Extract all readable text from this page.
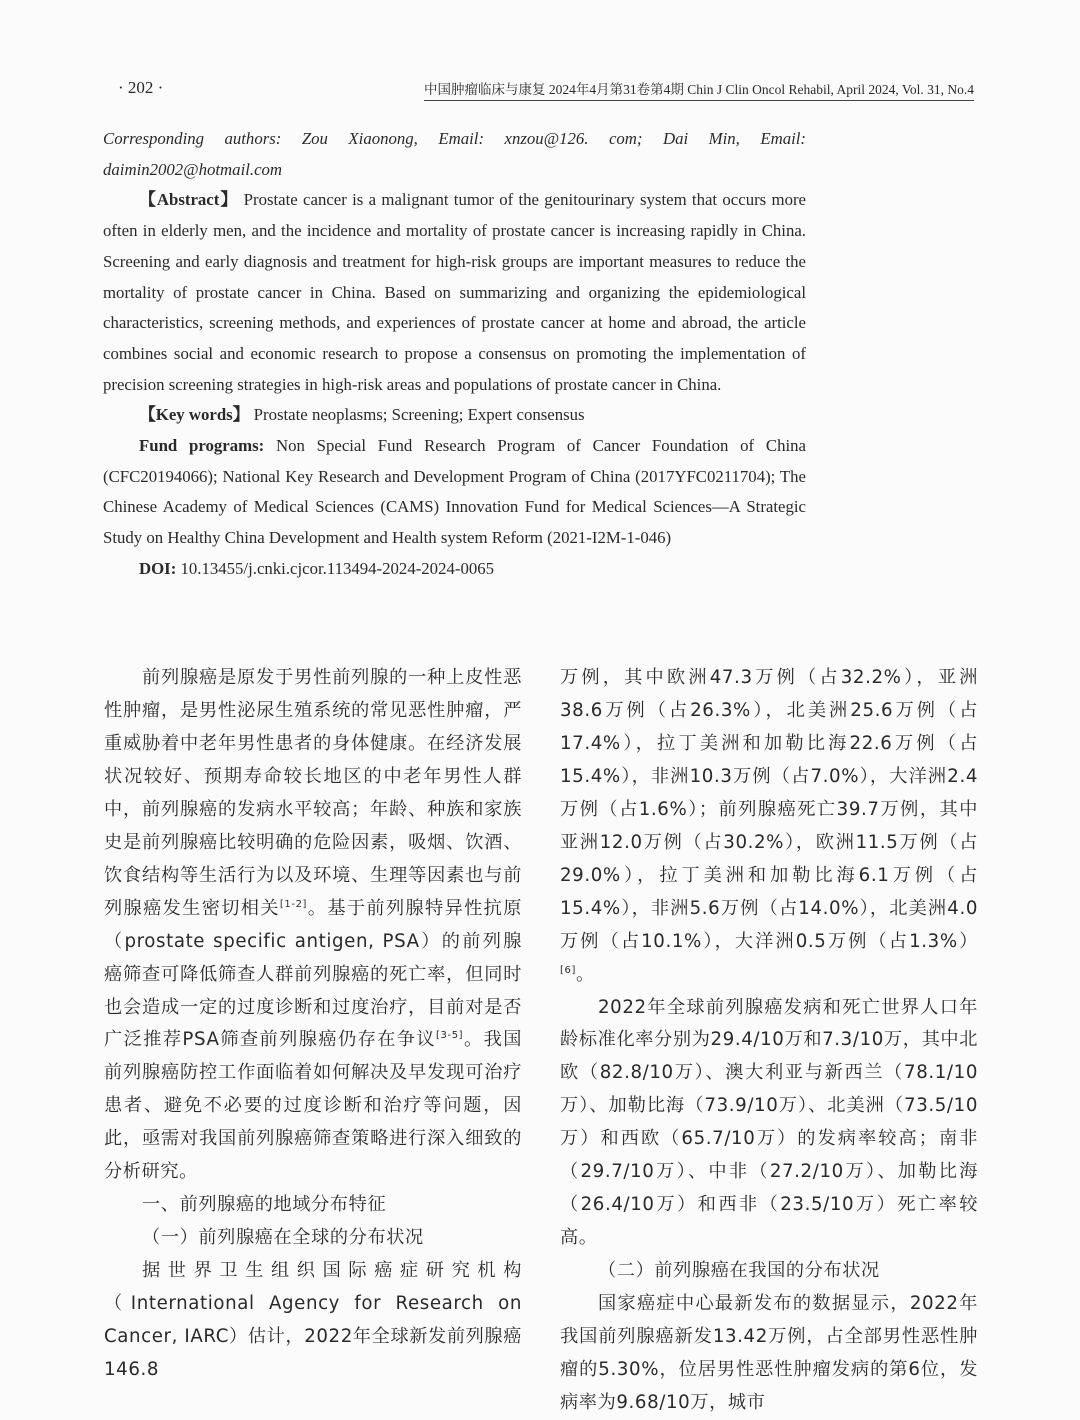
· 202 ·	中国肿瘤临床与康复 2024年4月第31卷第4期 Chin J Clin Oncol Rehabil, April 2024, Vol. 31, No.4

Corresponding authors: Zou Xiaonong, Email: xnzou@126. com; Dai Min, Email: daimin2002@hotmail.com

【Abstract】 Prostate cancer is a malignant tumor of the genitourinary system that occurs more often in elderly men, and the incidence and mortality of prostate cancer is increasing rapidly in China. Screening and early diagnosis and treatment for high-risk groups are important measures to reduce the mortality of prostate cancer in China. Based on summarizing and organizing the epidemiological characteristics, screening methods, and experiences of prostate cancer at home and abroad, the article combines social and economic research to propose a consensus on promoting the implementation of precision screening strategies in high-risk areas and populations of prostate cancer in China.

【Key words】 Prostate neoplasms; Screening; Expert consensus

Fund programs: Non Special Fund Research Program of Cancer Foundation of China (CFC20194066); National Key Research and Development Program of China (2017YFC0211704); The Chinese Academy of Medical Sciences (CAMS) Innovation Fund for Medical Sciences—A Strategic Study on Healthy China Development and Health system Reform (2021-I2M-1-046)

DOI: 10.13455/j.cnki.cjcor.113494-2024-2024-0065

前列腺癌是原发于男性前列腺的一种上皮性恶性肿瘤，是男性泌尿生殖系统的常见恶性肿瘤，严重威胁着中老年男性患者的身体健康。在经济发展状况较好、预期寿命较长地区的中老年男性人群中，前列腺癌的发病水平较高；年龄、种族和家族史是前列腺癌比较明确的危险因素，吸烟、饮酒、饮食结构等生活行为以及环境、生理等因素也与前列腺癌发生密切相关[1-2]。基于前列腺特异性抗原（prostate specific antigen, PSA）的前列腺癌筛查可降低筛查人群前列腺癌的死亡率，但同时也会造成一定的过度诊断和过度治疗，目前对是否广泛推荐PSA筛查前列腺癌仍存在争议[3-5]。我国前列腺癌防控工作面临着如何解决及早发现可治疗患者、避免不必要的过度诊断和治疗等问题，因此，亟需对我国前列腺癌筛查策略进行深入细致的分析研究。

一、前列腺癌的地域分布特征

（一）前列腺癌在全球的分布状况

据世界卫生组织国际癌症研究机构（International Agency for Research on Cancer, IARC）估计，2022年全球新发前列腺癌146.8

万例，其中欧洲47.3万例（占32.2%），亚洲38.6万例（占26.3%），北美洲25.6万例（占17.4%），拉丁美洲和加勒比海22.6万例（占15.4%），非洲10.3万例（占7.0%），大洋洲2.4万例（占1.6%）；前列腺癌死亡39.7万例，其中亚洲12.0万例（占30.2%），欧洲11.5万例（占29.0%），拉丁美洲和加勒比海6.1万例（占15.4%），非洲5.6万例（占14.0%），北美洲4.0万例（占10.1%），大洋洲0.5万例（占1.3%）[6]。

2022年全球前列腺癌发病和死亡世界人口年龄标准化率分别为29.4/10万和7.3/10万，其中北欧（82.8/10万）、澳大利亚与新西兰（78.1/10万）、加勒比海（73.9/10万）、北美洲（73.5/10万）和西欧（65.7/10万）的发病率较高；南非（29.7/10万）、中非（27.2/10万）、加勒比海（26.4/10万）和西非（23.5/10万）死亡率较高。

（二）前列腺癌在我国的分布状况

国家癌症中心最新发布的数据显示，2022年我国前列腺癌新发13.42万例，占全部男性恶性肿瘤的5.30%，位居男性恶性肿瘤发病的第6位，发病率为9.68/10万，城市
